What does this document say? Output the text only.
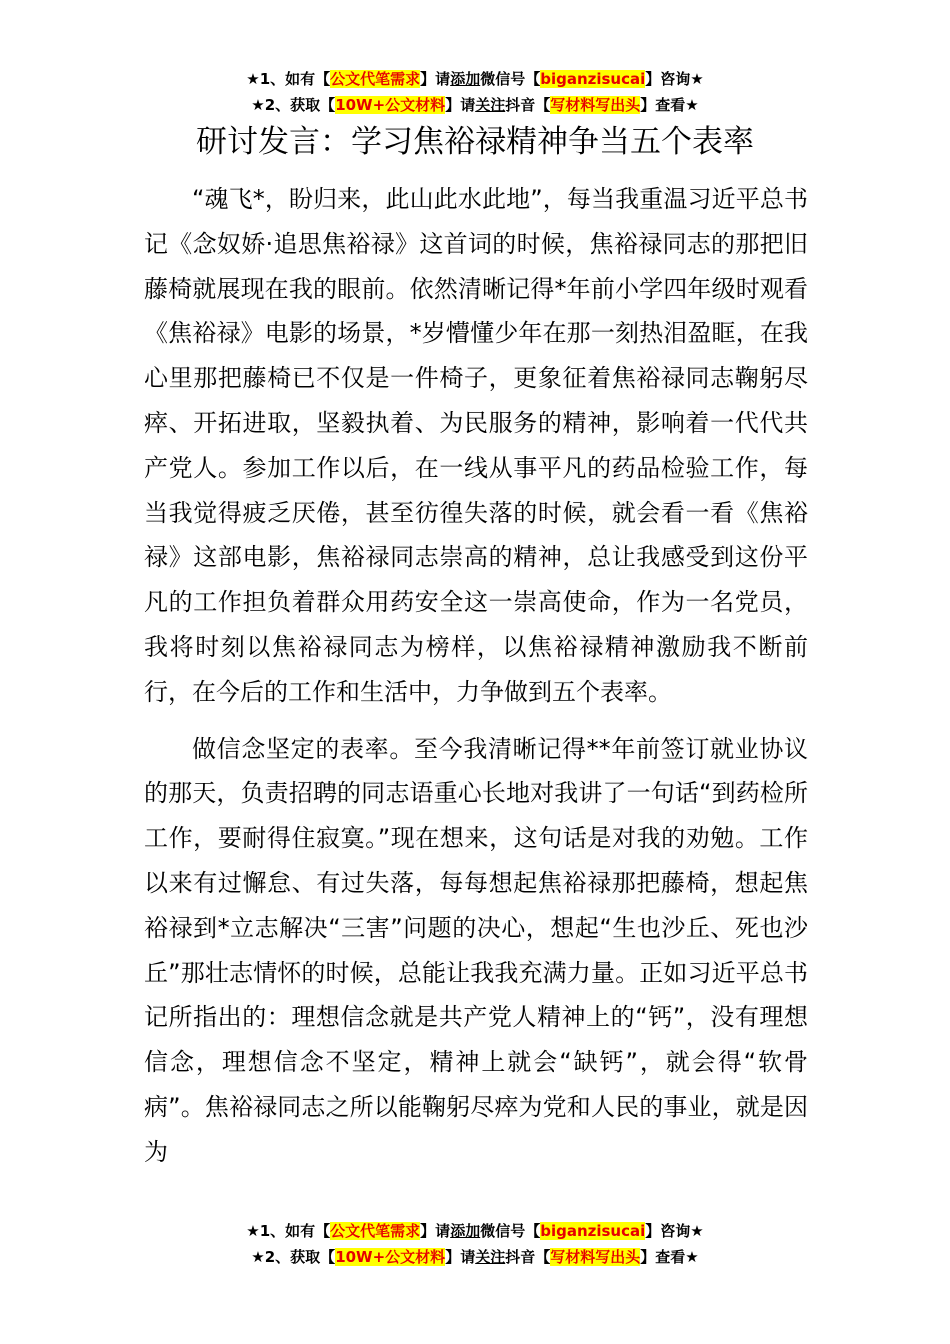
★1、如有【公文代笔需求】请添加微信号【biganzisucai】咨询★
★2、获取【10W+公文材料】请关注抖音【写材料写出头】查看★
研讨发言：学习焦裕禄精神争当五个表率

“魂飞*，盼归来，此山此水此地”，每当我重温习近平总书记《念奴娇·追思焦裕禄》这首词的时候，焦裕禄同志的那把旧藤椅就展现在我的眼前。依然清晰记得*年前小学四年级时观看《焦裕禄》电影的场景，*岁懵懂少年在那一刻热泪盈眶，在我心里那把藤椅已不仅是一件椅子，更象征着焦裕禄同志鞠躬尽瘁、开拓进取，坚毅执着、为民服务的精神，影响着一代代共产党人。参加工作以后，在一线从事平凡的药品检验工作，每当我觉得疲乏厌倦，甚至彷徨失落的时候，就会看一看《焦裕禄》这部电影，焦裕禄同志崇高的精神，总让我感受到这份平凡的工作担负着群众用药安全这一崇高使命，作为一名党员，我将时刻以焦裕禄同志为榜样，以焦裕禄精神激励我不断前行，在今后的工作和生活中，力争做到五个表率。

做信念坚定的表率。至今我清晰记得**年前签订就业协议的那天，负责招聘的同志语重心长地对我讲了一句话“到药检所工作，要耐得住寂寞。”现在想来，这句话是对我的劝勉。工作以来有过懈怠、有过失落，每每想起焦裕禄那把藤椅，想起焦裕禄到*立志解决“三害”问题的决心，想起“生也沙丘、死也沙丘”那壮志情怀的时候，总能让我我充满力量。正如习近平总书记所指出的：理想信念就是共产党人精神上的“钙”，没有理想信念，理想信念不坚定，精神上就会“缺钙”，就会得“软骨病”。焦裕禄同志之所以能鞠躬尽瘁为党和人民的事业，就是因为

★1、如有【公文代笔需求】请添加微信号【biganzisucai】咨询★
★2、获取【10W+公文材料】请关注抖音【写材料写出头】查看★
